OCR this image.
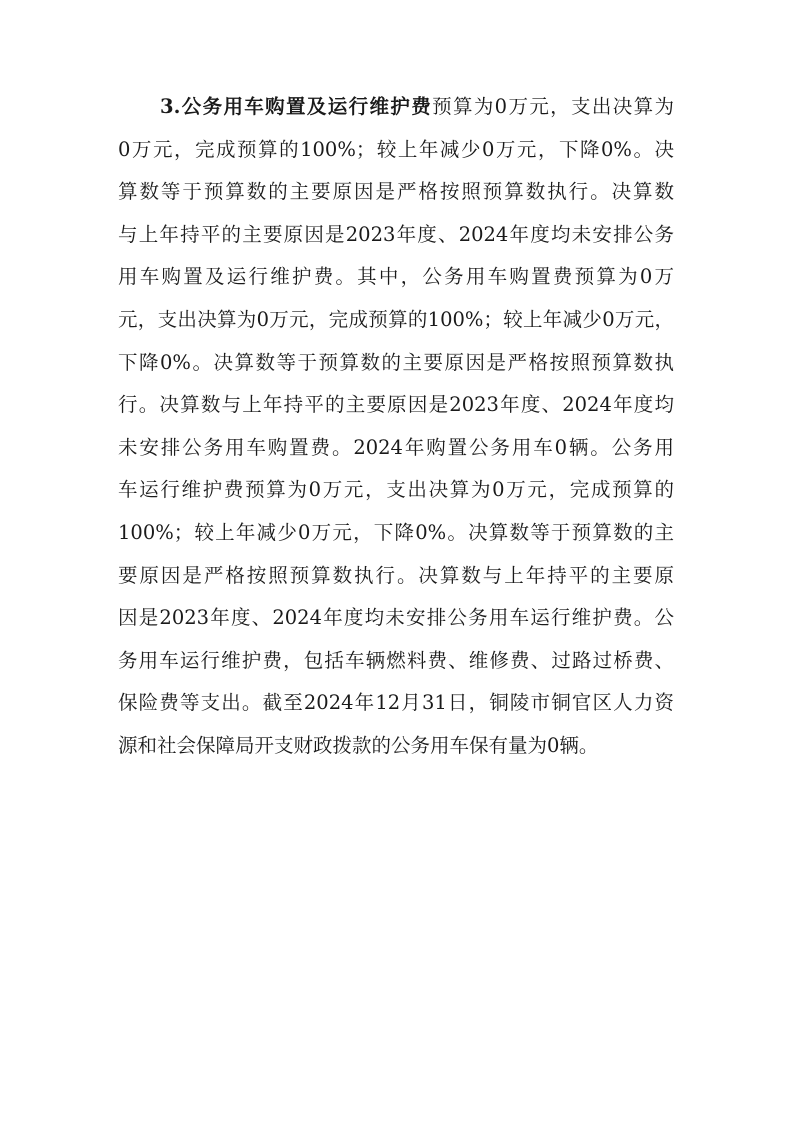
3.公务用车购置及运行维护费预算为0万元，支出决算为
0万元，完成预算的100%；较上年减少0万元，下降0%。决
算数等于预算数的主要原因是严格按照预算数执行。决算数
与上年持平的主要原因是2023年度、2024年度均未安排公务
用车购置及运行维护费。其中，公务用车购置费预算为0万
元，支出决算为0万元，完成预算的100%；较上年减少0万元，
下降0%。决算数等于预算数的主要原因是严格按照预算数执
行。决算数与上年持平的主要原因是2023年度、2024年度均
未安排公务用车购置费。2024年购置公务用车0辆。公务用
车运行维护费预算为0万元，支出决算为0万元，完成预算的
100%；较上年减少0万元，下降0%。决算数等于预算数的主
要原因是严格按照预算数执行。决算数与上年持平的主要原
因是2023年度、2024年度均未安排公务用车运行维护费。公
务用车运行维护费，包括车辆燃料费、维修费、过路过桥费、
保险费等支出。截至2024年12月31日，铜陵市铜官区人力资
源和社会保障局开支财政拨款的公务用车保有量为0辆。
